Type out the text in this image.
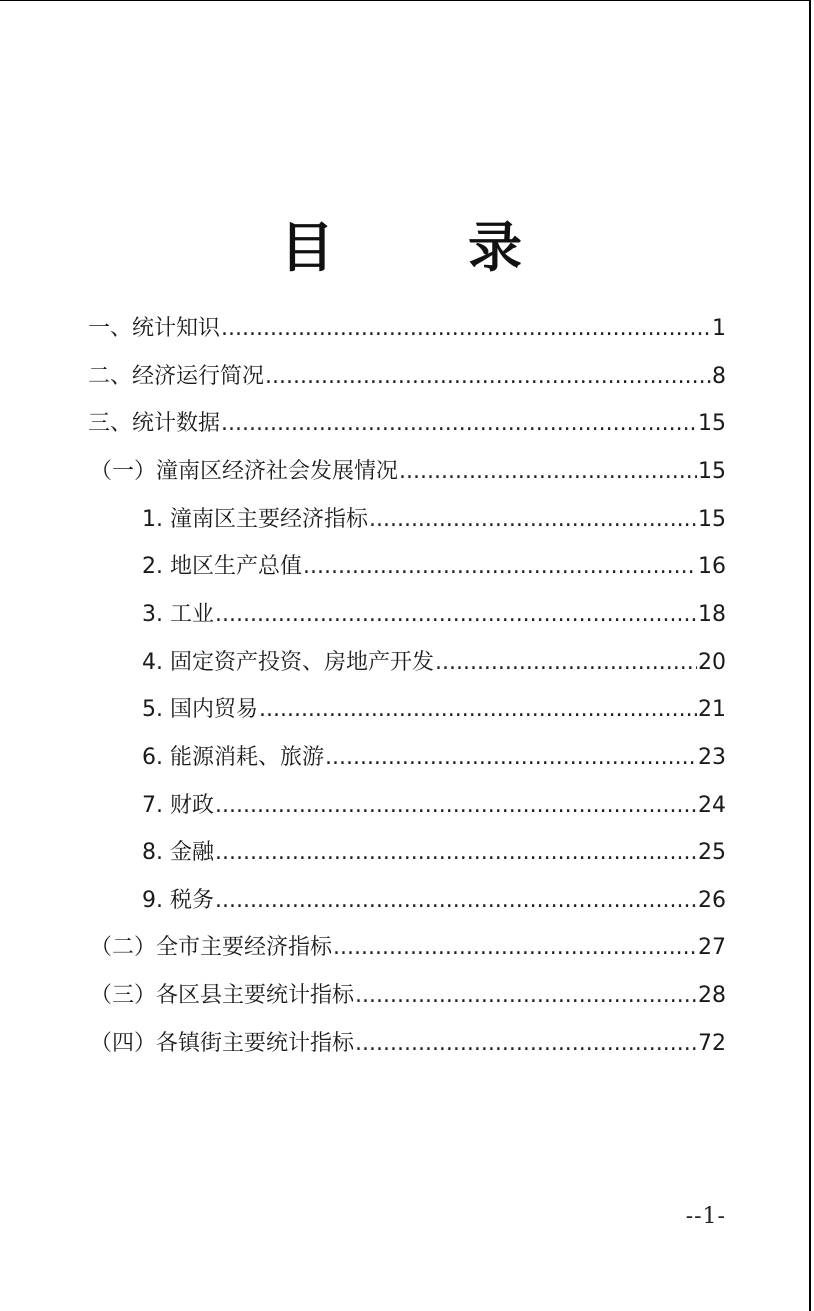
目　录
一、统计知识 .....	1
二、经济运行简况 .....	8
三、统计数据 .....	15
（一）潼南区经济社会发展情况 .....	15
1. 潼南区主要经济指标 .....	15
2. 地区生产总值 .....	16
3. 工业 .....	18
4. 固定资产投资、房地产开发 .....	20
5. 国内贸易 .....	21
6. 能源消耗、旅游 .....	23
7. 财政 .....	24
8. 金融 .....	25
9. 税务 .....	26
（二）全市主要经济指标 .....	27
（三）各区县主要统计指标 .....	28
（四）各镇街主要统计指标 .....	72
--1-
